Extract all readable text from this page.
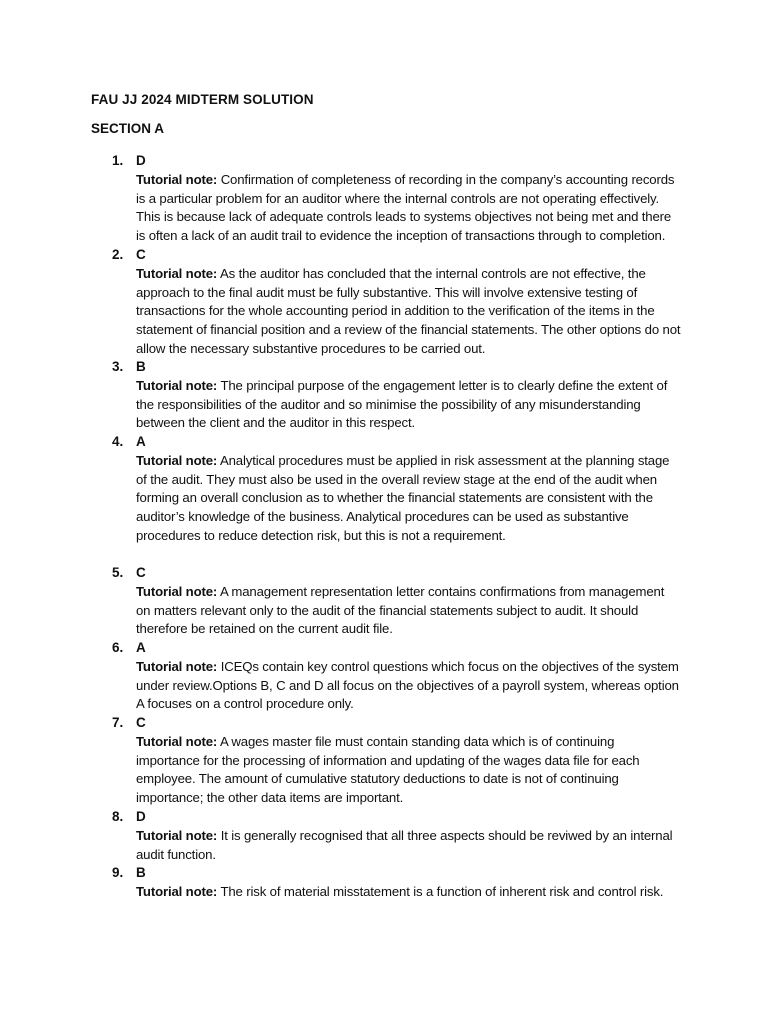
FAU JJ 2024 MIDTERM SOLUTION
SECTION A
1. D
Tutorial note: Confirmation of completeness of recording in the company’s accounting records is a particular problem for an auditor where the internal controls are not operating effectively. This is because lack of adequate controls leads to systems objectives not being met and there is often a lack of an audit trail to evidence the inception of transactions through to completion.
2. C
Tutorial note: As the auditor has concluded that the internal controls are not effective, the approach to the final audit must be fully substantive. This will involve extensive testing of transactions for the whole accounting period in addition to the verification of the items in the statement of financial position and a review of the financial statements. The other options do not allow the necessary substantive procedures to be carried out.
3. B
Tutorial note: The principal purpose of the engagement letter is to clearly define the extent of the responsibilities of the auditor and so minimise the possibility of any misunderstanding between the client and the auditor in this respect.
4. A
Tutorial note: Analytical procedures must be applied in risk assessment at the planning stage of the audit. They must also be used in the overall review stage at the end of the audit when forming an overall conclusion as to whether the financial statements are consistent with the auditor’s knowledge of the business. Analytical procedures can be used as substantive procedures to reduce detection risk, but this is not a requirement.
5. C
Tutorial note: A management representation letter contains confirmations from management on matters relevant only to the audit of the financial statements subject to audit. It should therefore be retained on the current audit file.
6. A
Tutorial note: ICEQs contain key control questions which focus on the objectives of the system under review.Options B, C and D all focus on the objectives of a payroll system, whereas option A focuses on a control procedure only.
7. C
Tutorial note: A wages master file must contain standing data which is of continuing importance for the processing of information and updating of the wages data file for each employee. The amount of cumulative statutory deductions to date is not of continuing importance; the other data items are important.
8. D
Tutorial note: It is generally recognised that all three aspects should be reviwed by an internal audit function.
9. B
Tutorial note: The risk of material misstatement is a function of inherent risk and control risk.
